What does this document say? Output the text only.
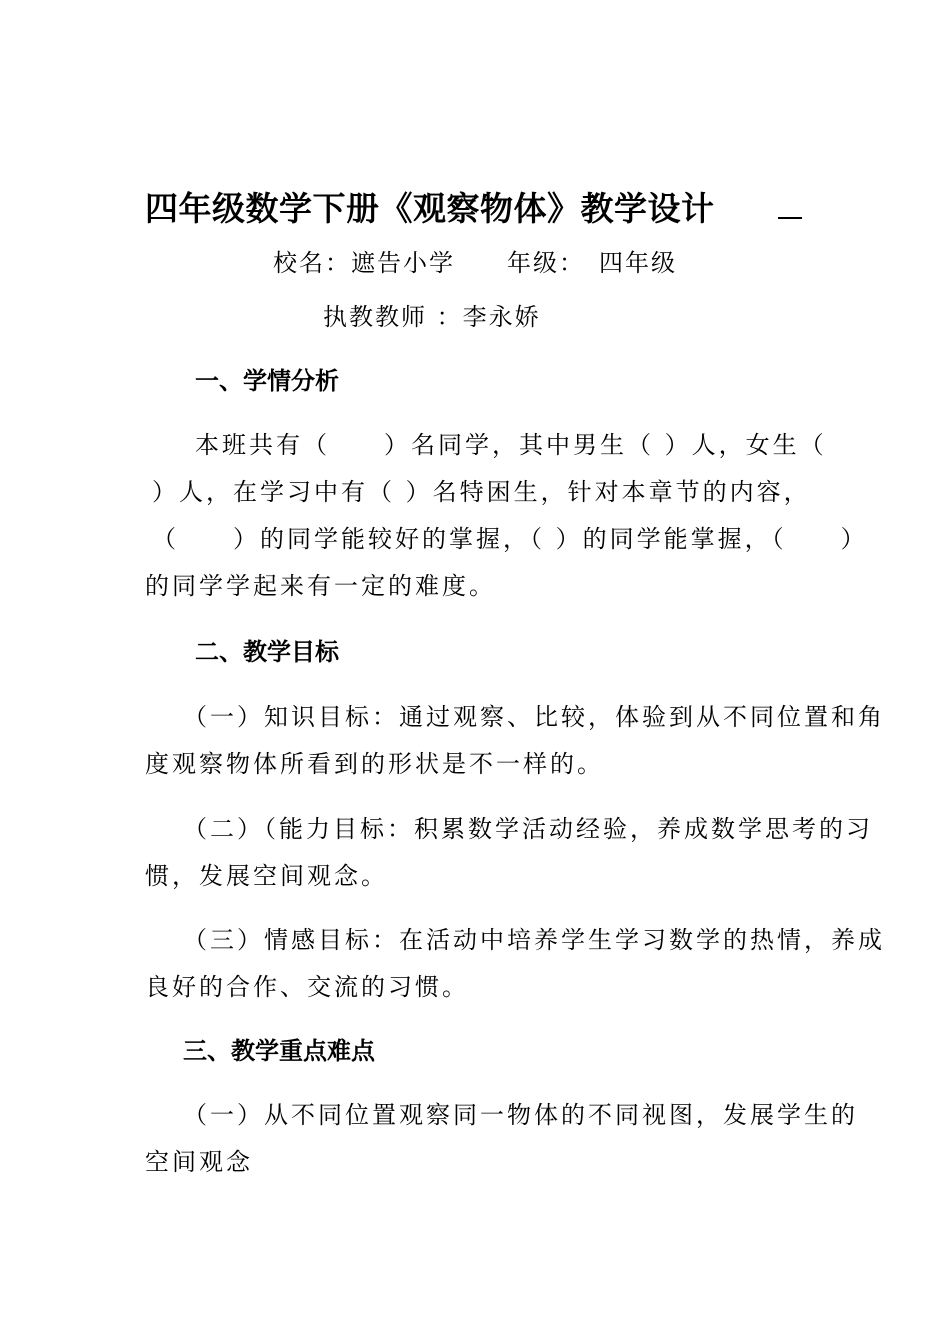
四年级数学下册《观察物体》教学设计
校名：遮告小学　　年级：　四年级
执教教师 ：李永娇
一、学情分析
本班共有（　　）名同学，其中男生（ ）人，女生（
）人，在学习中有（ ）名特困生，针对本章节的内容，
（　　）的同学能较好的掌握，（ ）的同学能掌握，（　　）
的同学学起来有一定的难度。
二、教学目标
（一）知识目标：通过观察、比较，体验到从不同位置和角
度观察物体所看到的形状是不一样的。
（二）（能力目标：积累数学活动经验，养成数学思考的习
惯，发展空间观念。
（三）情感目标：在活动中培养学生学习数学的热情，养成
良好的合作、交流的习惯。
三、教学重点难点
（一）从不同位置观察同一物体的不同视图，发展学生的
空间观念
